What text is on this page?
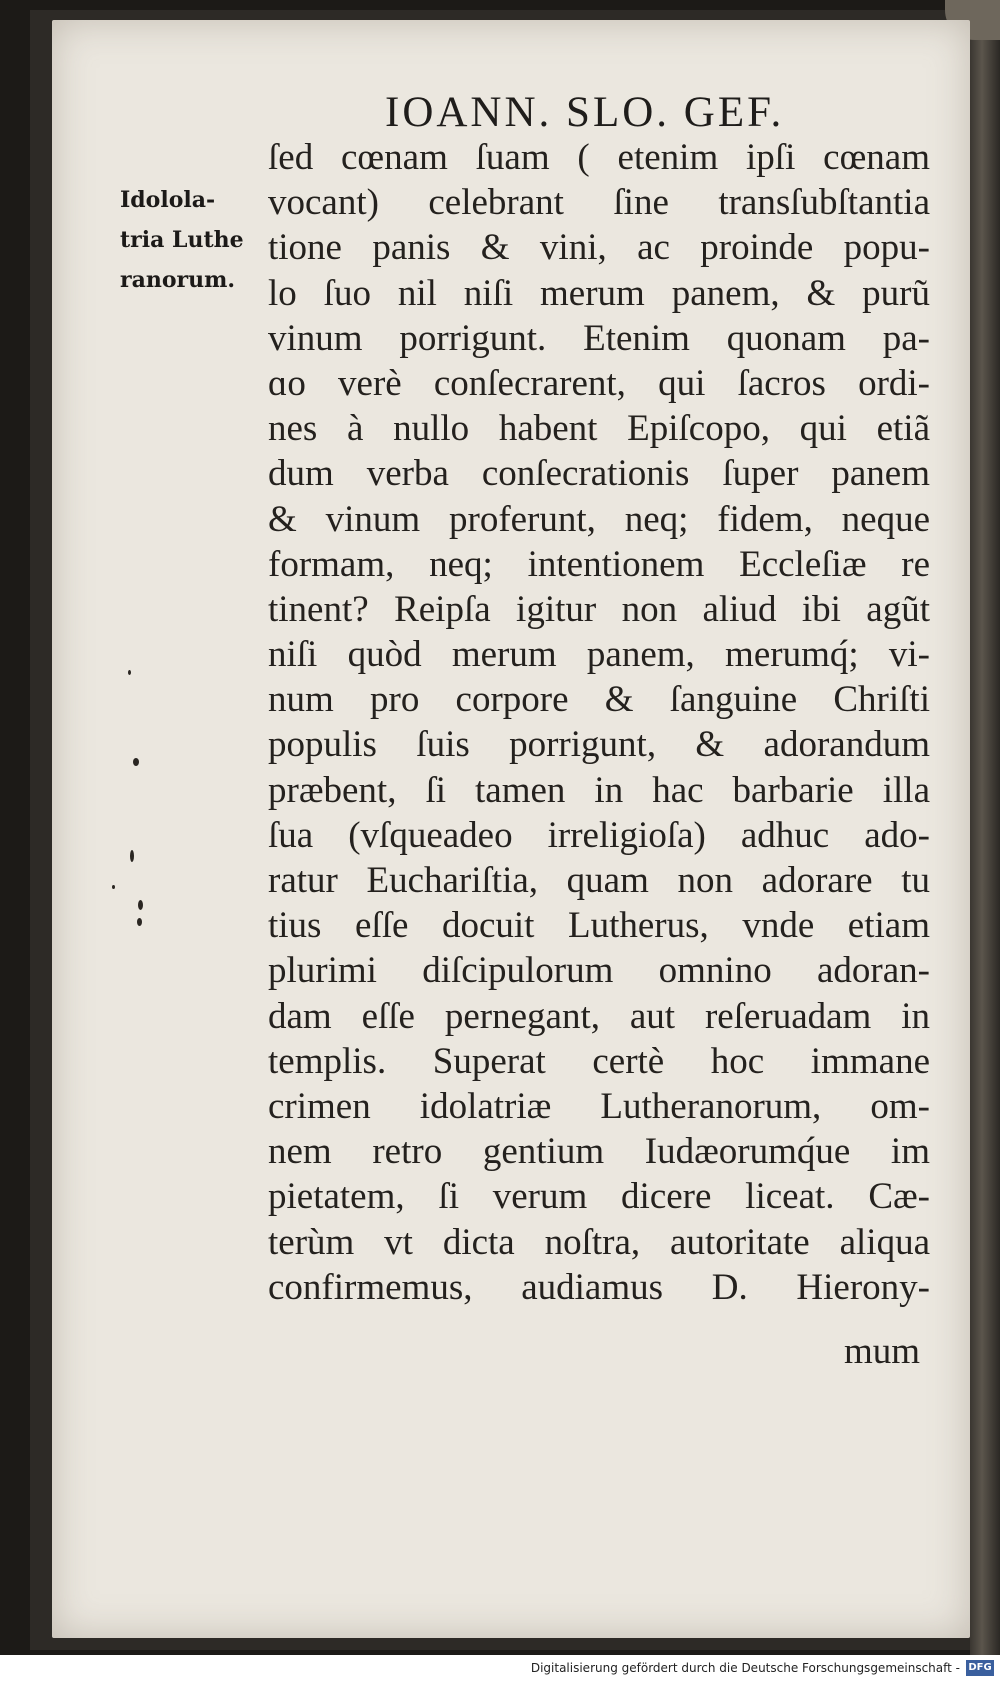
IOANN. SLO. GEF.
Idolola-
tria Luthe
ranorum.
ſed cœnam ſuam ( etenim ipſi cœnam
vocant) celebrant ſine transſubſtantia
tione panis & vini, ac proinde popu-
lo ſuo nil niſi merum panem, & purũ
vinum porrigunt. Etenim quonam pa-
ɑo verè conſecrarent, qui ſacros ordi-
nes à nullo habent Epiſcopo, qui etiã
dum verba conſecrationis ſuper panem
& vinum proferunt, neq; fidem, neque
formam, neq; intentionem Eccleſiæ re
tinent? Reipſa igitur non aliud ibi agũt
niſi quòd merum panem, merumq́; vi-
num pro corpore & ſanguine Chriſti
populis ſuis porrigunt, & adorandum
præbent, ſi tamen in hac barbarie illa
ſua (vſqueadeo irreligioſa) adhuc ado-
ratur Euchariſtia, quam non adorare tu
tius eſſe docuit Lutherus, vnde etiam
plurimi diſcipulorum omnino adoran-
dam eſſe pernegant, aut reſeruadam in
templis. Superat certè hoc immane
crimen idolatriæ Lutheranorum, om-
nem retro gentium Iudæorumq́ue im
pietatem, ſi verum dicere liceat. Cæ-
terùm vt dicta noſtra, autoritate aliqua
confirmemus, audiamus D. Hierony-
mum
Digitalisierung gefördert durch die Deutsche Forschungsgemeinschaft - DFG
